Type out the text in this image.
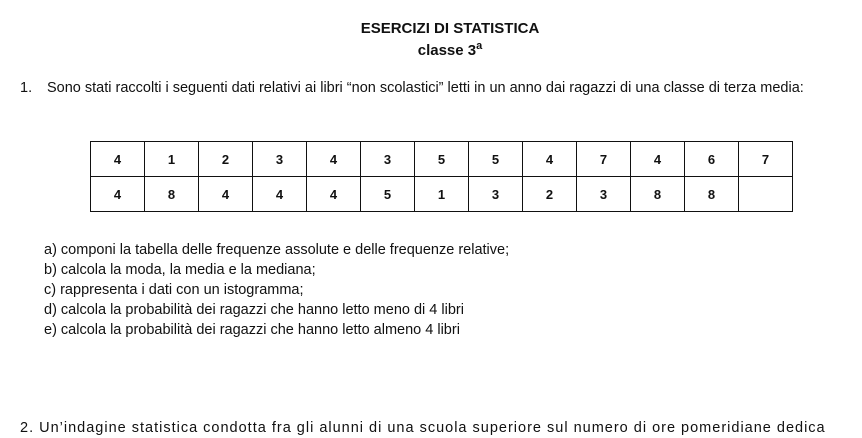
ESERCIZI DI STATISTICA
classe 3$^a$
1. Sono stati raccolti i seguenti dati relativi ai libri “non scolastici” letti in un anno dai ragazzi di una classe di terza media:
4	1	2	3	4	3	5	5	4	7	4	6	7
4	8	4	4	4	5	1	3	2	3	8	8	
a) componi la tabella delle frequenze assolute e delle frequenze relative;
b) calcola la moda, la media e la mediana;
c) rappresenta i dati con un istogramma;
d) calcola la probabilità dei ragazzi che hanno letto meno di 4 libri
e) calcola la probabilità dei ragazzi che hanno letto almeno 4 libri
2. Un’indagine statistica condotta fra gli alunni di una scuola superiore sul numero di ore pomeridiane dedica
